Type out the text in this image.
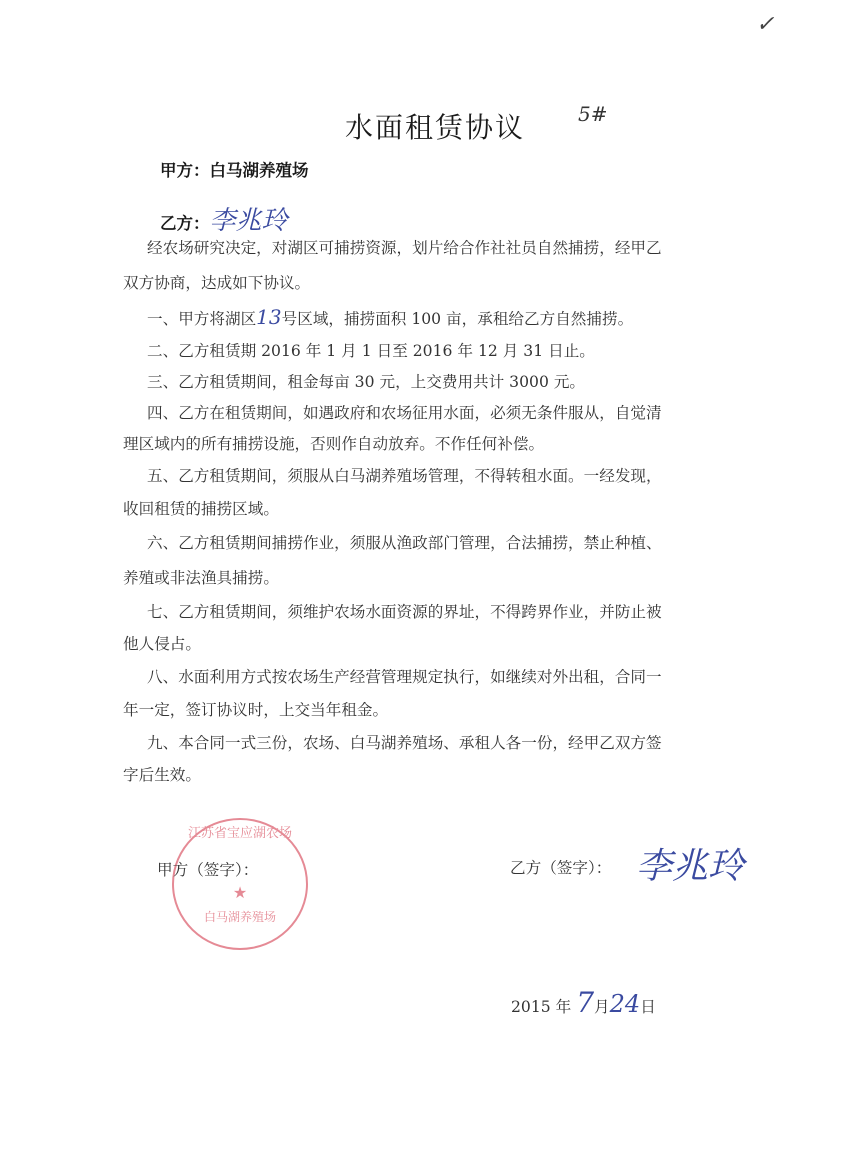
✓
5#
水面租赁协议
甲方：白马湖养殖场
乙方：李兆玲
经农场研究决定，对湖区可捕捞资源，划片给合作社社员自然捕捞，经甲乙
双方协商，达成如下协议。
一、甲方将湖区13号区域，捕捞面积 100 亩，承租给乙方自然捕捞。
二、乙方租赁期 2016 年 1 月 1 日至 2016 年 12 月 31 日止。
三、乙方租赁期间，租金每亩 30 元，上交费用共计 3000 元。
四、乙方在租赁期间，如遇政府和农场征用水面，必须无条件服从，自觉清
理区域内的所有捕捞设施，否则作自动放弃。不作任何补偿。
五、乙方租赁期间，须服从白马湖养殖场管理，不得转租水面。一经发现，
收回租赁的捕捞区域。
六、乙方租赁期间捕捞作业，须服从渔政部门管理，合法捕捞，禁止种植、
养殖或非法渔具捕捞。
七、乙方租赁期间，须维护农场水面资源的界址，不得跨界作业，并防止被
他人侵占。
八、水面利用方式按农场生产经营管理规定执行，如继续对外出租，合同一
年一定，签订协议时，上交当年租金。
九、本合同一式三份，农场、白马湖养殖场、承租人各一份，经甲乙双方签
字后生效。
江苏省宝应湖农场
★
白马湖养殖场
甲方（签字）：	乙方（签字）： 李兆玲
2015 年 7月24日
